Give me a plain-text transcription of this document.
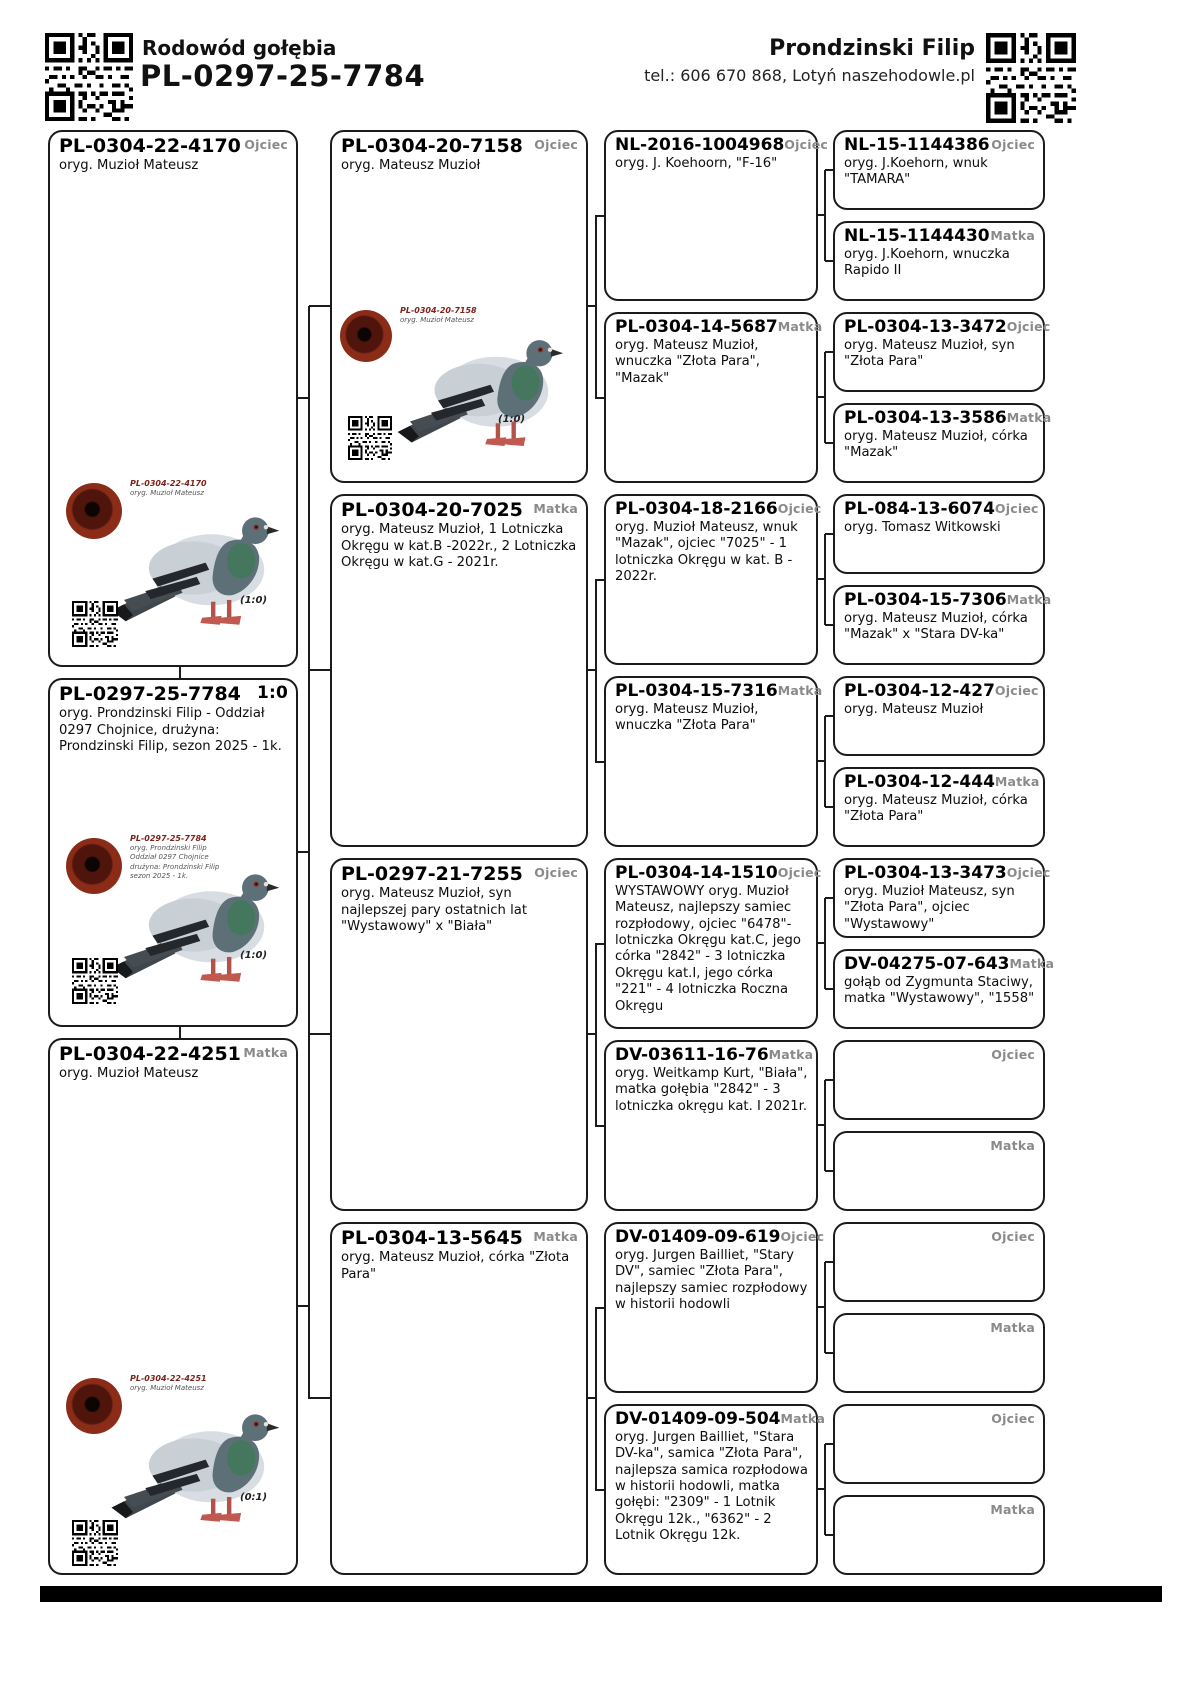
Rodowód gołębia
PL-0297-25-7784
Prondzinski Filip
tel.: 606 670 868, Lotyń naszehodowle.pl
PL-0304-22-4170 Ojciec
oryg. Muzioł Mateusz
PL-0304-22-4170
oryg. Muzioł Mateusz
(1:0)
PL-0297-25-7784 1:0
oryg. Prondzinski Filip - Oddział 0297 Chojnice, drużyna: Prondzinski Filip, sezon 2025 - 1k.
PL-0297-25-7784
oryg. Prondzinski Filip
Oddział 0297 Chojnice
drużyna: Prondzinski Filip
sezon 2025 - 1k.
(1:0)
PL-0304-22-4251 Matka
oryg. Muzioł Mateusz
PL-0304-22-4251
oryg. Muzioł Mateusz
(0:1)
PL-0304-20-7158 Ojciec
oryg. Mateusz Muzioł
PL-0304-20-7158
oryg. Muzioł Mateusz
(1:0)
PL-0304-20-7025 Matka
oryg. Mateusz Muzioł, 1 Lotniczka Okręgu w kat.B -2022r., 2 Lotniczka Okręgu w kat.G - 2021r.
PL-0297-21-7255 Ojciec
oryg. Mateusz Muzioł, syn najlepszej pary ostatnich lat "Wystawowy" x "Biała"
PL-0304-13-5645 Matka
oryg. Mateusz Muzioł, córka "Złota Para"
NL-2016-1004968 Ojciec
oryg. J. Koehoorn, "F-16"
PL-0304-14-5687 Matka
oryg. Mateusz Muzioł, wnuczka "Złota Para", "Mazak"
PL-0304-18-2166 Ojciec
oryg. Muzioł Mateusz, wnuk "Mazak", ojciec "7025" - 1 lotniczka Okręgu w kat. B - 2022r.
PL-0304-15-7316 Matka
oryg. Mateusz Muzioł, wnuczka "Złota Para"
PL-0304-14-1510 Ojciec
WYSTAWOWY oryg. Muzioł Mateusz, najlepszy samiec rozpłodowy, ojciec "6478"- lotniczka Okręgu kat.C, jego córka "2842" - 3 lotniczka Okręgu kat.I, jego córka "221" - 4 lotniczka Roczna Okręgu
DV-03611-16-76 Matka
oryg. Weitkamp Kurt, "Biała", matka gołębia "2842" - 3 lotniczka okręgu kat. I 2021r.
DV-01409-09-619 Ojciec
oryg. Jurgen Bailliet, "Stary DV", samiec "Złota Para", najlepszy samiec rozpłodowy w historii hodowli
DV-01409-09-504 Matka
oryg. Jurgen Bailliet, "Stara DV-ka", samica "Złota Para", najlepsza samica rozpłodowa w historii hodowli, matka gołębi: "2309" - 1 Lotnik Okręgu 12k., "6362" - 2 Lotnik Okręgu 12k.
NL-15-1144386 Ojciec
oryg. J.Koehorn, wnuk "TAMARA"
NL-15-1144430 Matka
oryg. J.Koehorn, wnuczka Rapido II
PL-0304-13-3472 Ojciec
oryg. Mateusz Muzioł, syn "Złota Para"
PL-0304-13-3586 Matka
oryg. Mateusz Muzioł, córka "Mazak"
PL-084-13-6074 Ojciec
oryg. Tomasz Witkowski
PL-0304-15-7306 Matka
oryg. Mateusz Muzioł, córka "Mazak" x "Stara DV-ka"
PL-0304-12-427 Ojciec
oryg. Mateusz Muzioł
PL-0304-12-444 Matka
oryg. Mateusz Muzioł, córka "Złota Para"
PL-0304-13-3473 Ojciec
oryg. Muzioł Mateusz, syn "Złota Para", ojciec "Wystawowy"
DV-04275-07-643 Matka
gołąb od Zygmunta Staciwy, matka "Wystawowy", "1558"
Ojciec
Matka
Ojciec
Matka
Ojciec
Matka
